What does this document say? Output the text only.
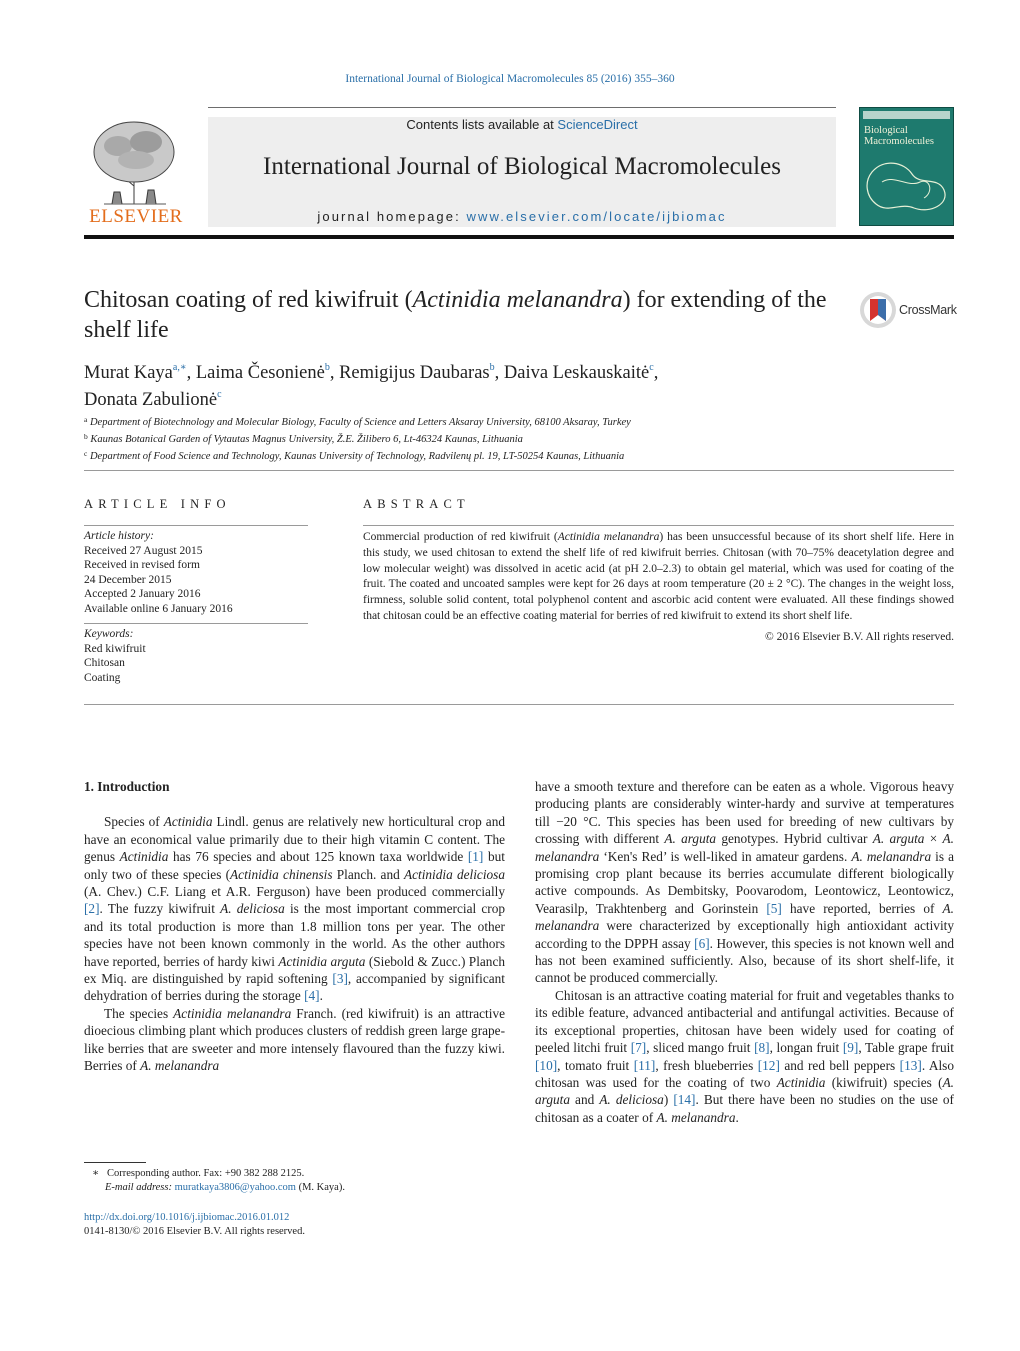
International Journal of Biological Macromolecules 85 (2016) 355–360
ELSEVIER
Contents lists available at ScienceDirect
International Journal of Biological Macromolecules
journal homepage: www.elsevier.com/locate/ijbiomac
Biological Macromolecules
Chitosan coating of red kiwifruit (Actinidia melanandra) for extending of the shelf life
CrossMark
Murat Kaya$^{a,∗}$, Laima Česonienė$^b$, Remigijus Daubaras$^b$, Daiva Leskauskaitė$^c$,
Donata Zabulionė$^c$
$^a$ Department of Biotechnology and Molecular Biology, Faculty of Science and Letters Aksaray University, 68100 Aksaray, Turkey
$^b$ Kaunas Botanical Garden of Vytautas Magnus University, Ž.E. Žilibero 6, Lt-46324 Kaunas, Lithuania
$^c$ Department of Food Science and Technology, Kaunas University of Technology, Radvilenų pl. 19, LT-50254 Kaunas, Lithuania
ARTICLE INFO
Article history:
Received 27 August 2015
Received in revised form
24 December 2015
Accepted 2 January 2016
Available online 6 January 2016
Keywords:
Red kiwifruit
Chitosan
Coating
ABSTRACT
Commercial production of red kiwifruit (Actinidia melanandra) has been unsuccessful because of its short shelf life. Here in this study, we used chitosan to extend the shelf life of red kiwifruit berries. Chitosan (with 70–75% deacetylation degree and low molecular weight) was dissolved in acetic acid (at pH 2.0–2.3) to obtain gel material, which was used for coating of the fruit. The coated and uncoated samples were kept for 26 days at room temperature (20 ± 2 °C). The changes in the weight loss, firmness, soluble solid content, total polyphenol content and ascorbic acid content were evaluated. All these findings showed that chitosan could be an effective coating material for berries of red kiwifruit to extend its short shelf life.
© 2016 Elsevier B.V. All rights reserved.
1. Introduction

Species of Actinidia Lindl. genus are relatively new horticultural crop and have an economical value primarily due to their high vitamin C content. The genus Actinidia has 76 species and about 125 known taxa worldwide [1] but only two of these species (Actinidia chinensis Planch. and Actinidia deliciosa (A. Chev.) C.F. Liang et A.R. Ferguson) have been produced commercially [2]. The fuzzy kiwifruit A. deliciosa is the most important commercial crop and its total production is more than 1.8 million tons per year. The other species have not been known commonly in the world. As the other authors have reported, berries of hardy kiwi Actinidia arguta (Siebold & Zucc.) Planch ex Miq. are distinguished by rapid softening [3], accompanied by significant dehydration of berries during the storage [4].

The species Actinidia melanandra Franch. (red kiwifruit) is an attractive dioecious climbing plant which produces clusters of reddish green large grape-like berries that are sweeter and more intensely flavoured than the fuzzy kiwi. Berries of A. melanandra

have a smooth texture and therefore can be eaten as a whole. Vigorous heavy producing plants are considerably winter-hardy and survive at temperatures till −20 °C. This species has been used for breeding of new cultivars by crossing with different A. arguta genotypes. Hybrid cultivar A. arguta × A. melanandra ‘Ken's Red’ is well-liked in amateur gardens. A. melanandra is a promising crop plant because its berries accumulate different biologically active compounds. As Dembitsky, Poovarodom, Leontowicz, Leontowicz, Vearasilp, Trakhtenberg and Gorinstein [5] have reported, berries of A. melanandra were characterized by exceptionally high antioxidant activity according to the DPPH assay [6]. However, this species is not known well and has not been examined sufficiently. Also, because of its short shelf-life, it cannot be produced commercially.

Chitosan is an attractive coating material for fruit and vegetables thanks to its edible feature, advanced antibacterial and antifungal activities. Because of its exceptional properties, chitosan have been widely used for coating of peeled litchi fruit [7], sliced mango fruit [8], longan fruit [9], Table grape fruit [10], tomato fruit [11], fresh blueberries [12] and red bell peppers [13]. Also chitosan was used for the coating of two Actinidia (kiwifruit) species (A. arguta and A. deliciosa) [14]. But there have been no studies on the use of chitosan as a coater of A. melanandra.

∗ Corresponding author. Fax: +90 382 288 2125.
E-mail address: muratkaya3806@yahoo.com (M. Kaya).
http://dx.doi.org/10.1016/j.ijbiomac.2016.01.012
0141-8130/© 2016 Elsevier B.V. All rights reserved.
